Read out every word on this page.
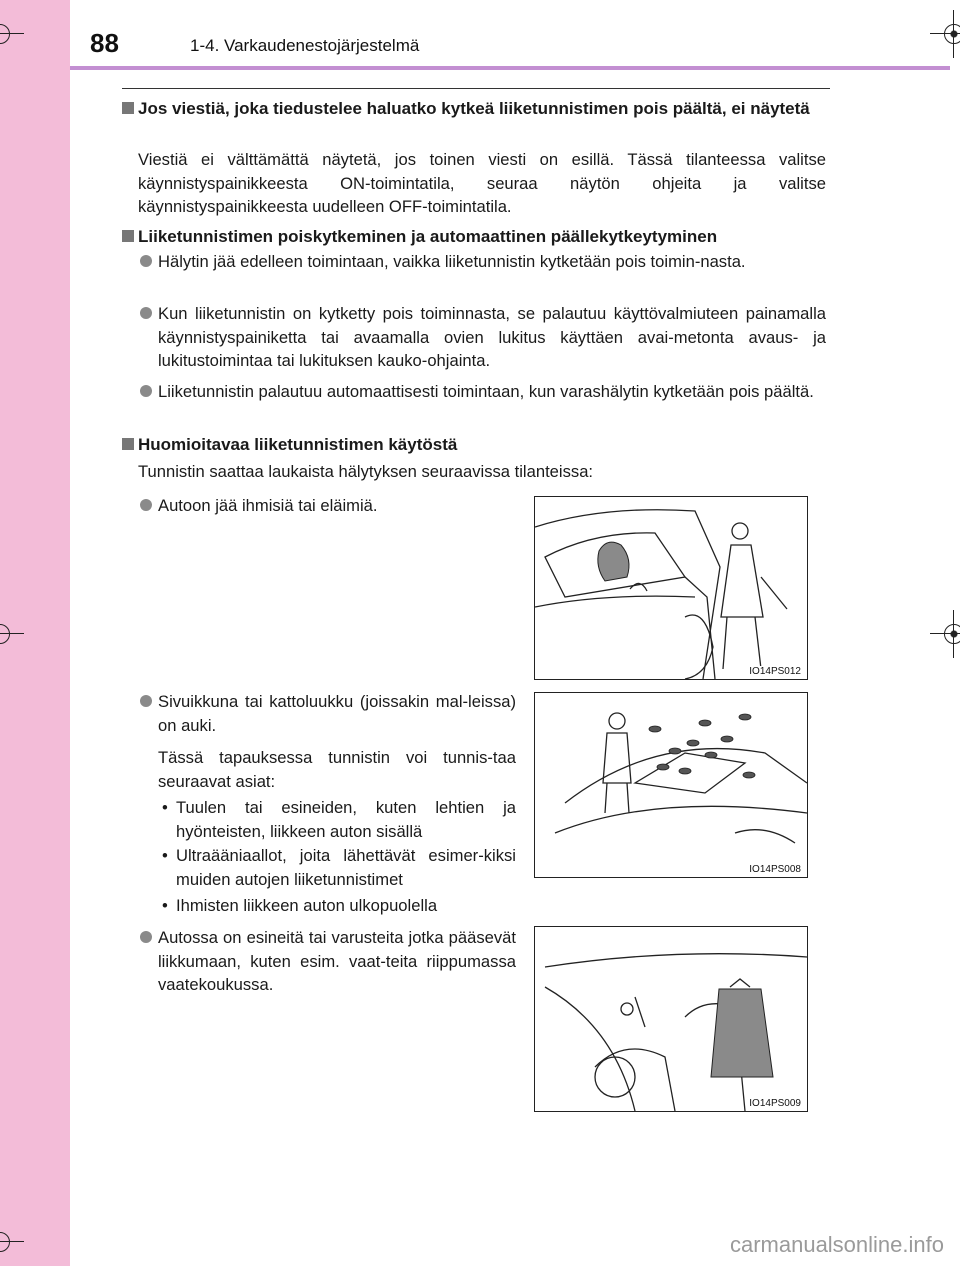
88	1-4. Varkaudenestojärjestelmä
Jos viestiä, joka tiedustelee haluatko kytkeä liiketunnistimen pois päältä, ei näytetä
Viestiä ei välttämättä näytetä, jos toinen viesti on esillä. Tässä tilanteessa valitse käynnistyspainikkeesta ON-toimintatila, seuraa näytön ohjeita ja valitse käynnistyspainikkeesta uudelleen OFF-toimintatila.
Liiketunnistimen poiskytkeminen ja automaattinen päällekytkeytyminen
Hälytin jää edelleen toimintaan, vaikka liiketunnistin kytketään pois toimin-nasta.
Kun liiketunnistin on kytketty pois toiminnasta, se palautuu käyttövalmiuteen painamalla käynnistyspainiketta tai avaamalla ovien lukitus käyttäen avai-metonta avaus- ja lukitustoimintaa tai lukituksen kauko-ohjainta.
Liiketunnistin palautuu automaattisesti toimintaan, kun varashälytin kytketään pois päältä.
Huomioitavaa liiketunnistimen käytöstä
Tunnistin saattaa laukaista hälytyksen seuraavissa tilanteissa:
Autoon jää ihmisiä tai eläimiä.
Sivuikkuna tai kattoluukku (joissakin mal-leissa) on auki.
Tässä tapauksessa tunnistin voi tunnis-taa seuraavat asiat:
• Tuulen tai esineiden, kuten lehtien ja hyönteisten, liikkeen auton sisällä
• Ultraääniaallot, joita lähettävät esimer-kiksi muiden autojen liiketunnistimet
• Ihmisten liikkeen auton ulkopuolella
Autossa on esineitä tai varusteita jotka pääsevät liikkumaan, kuten esim. vaat-teita riippumassa vaatekoukussa.
IO14PS012
IO14PS008
IO14PS009
carmanualsonline.info
